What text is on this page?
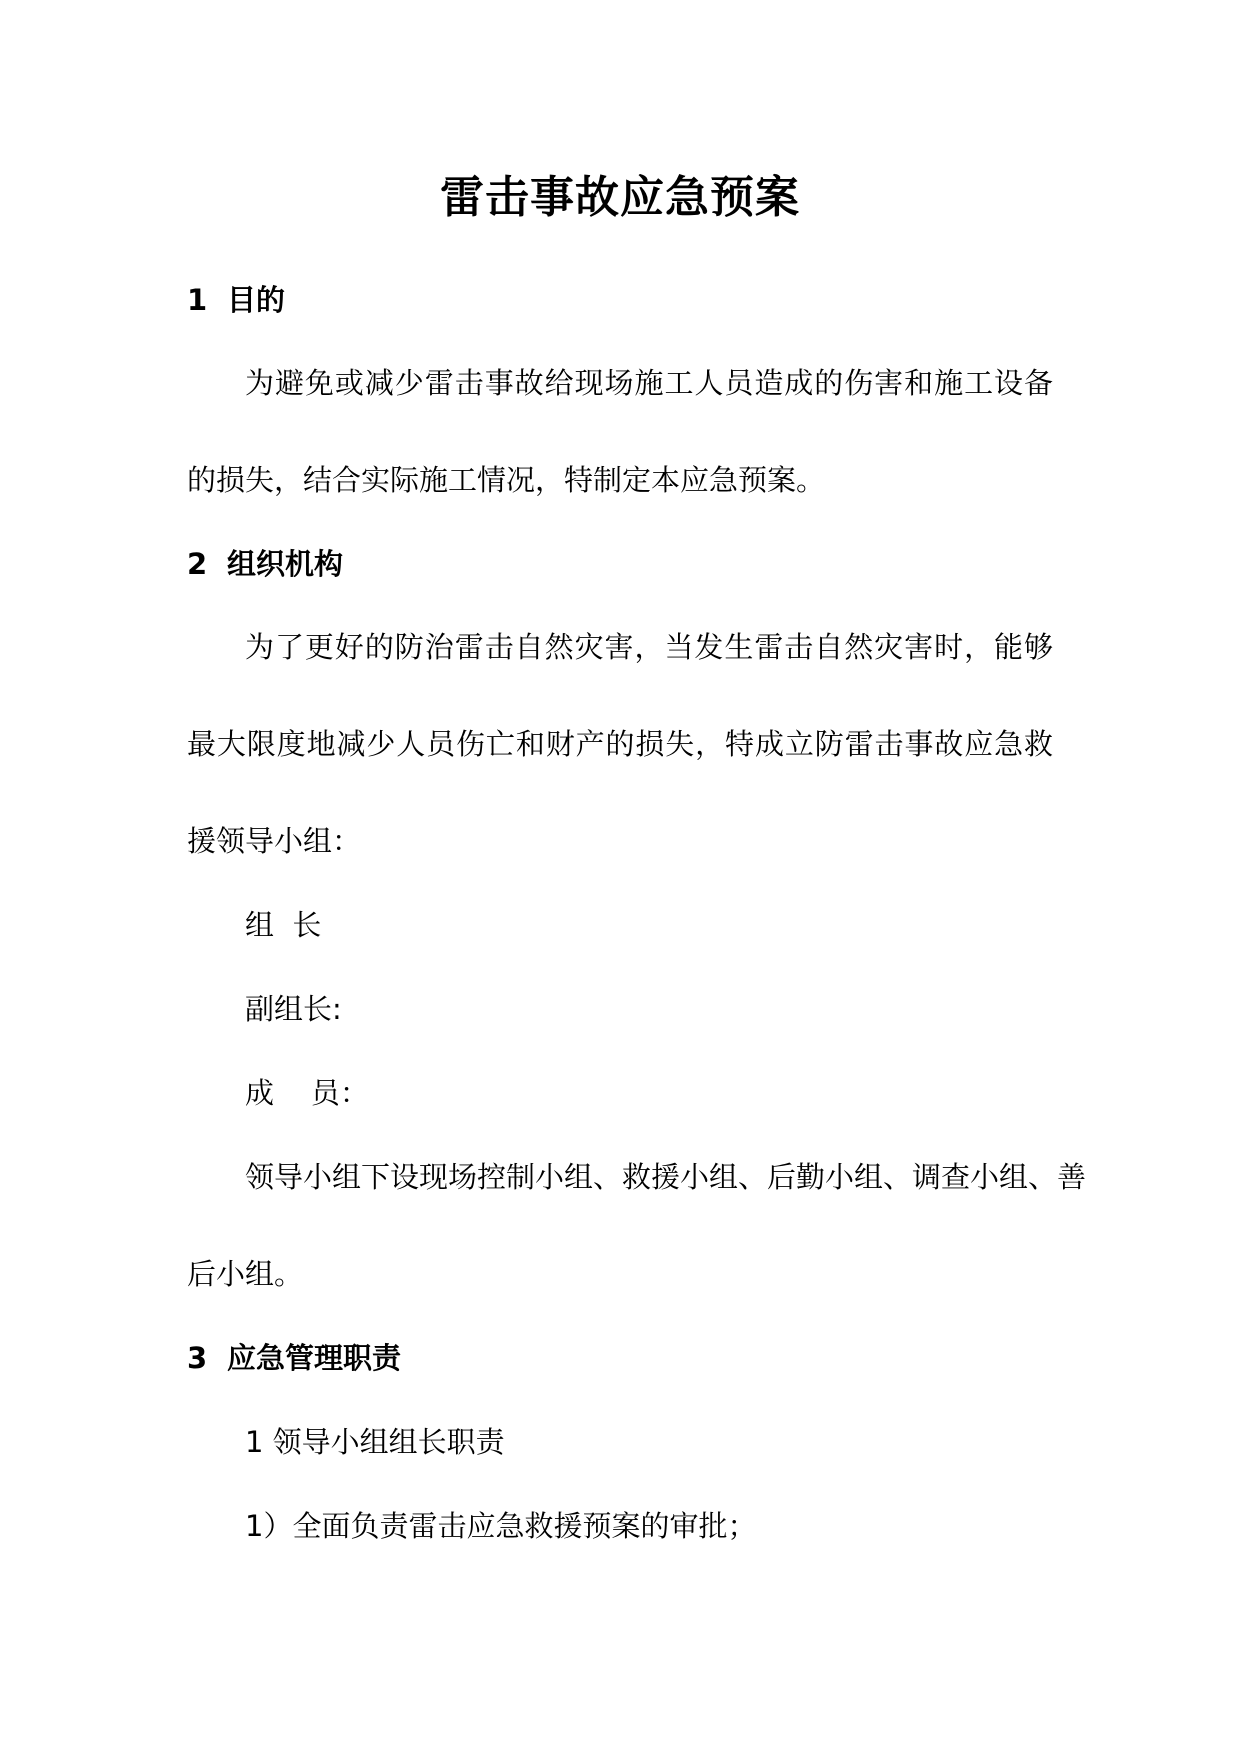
雷击事故应急预案
1 目的
为避免或减少雷击事故给现场施工人员造成的伤害和施工设备
的损失，结合实际施工情况，特制定本应急预案。
2 组织机构
为了更好的防治雷击自然灾害，当发生雷击自然灾害时，能够
最大限度地减少人员伤亡和财产的损失，特成立防雷击事故应急救
援领导小组：
组  长
副组长:
成    员：
领导小组下设现场控制小组、救援小组、后勤小组、调查小组、善
后小组。
3 应急管理职责
1 领导小组组长职责
1）全面负责雷击应急救援预案的审批；
